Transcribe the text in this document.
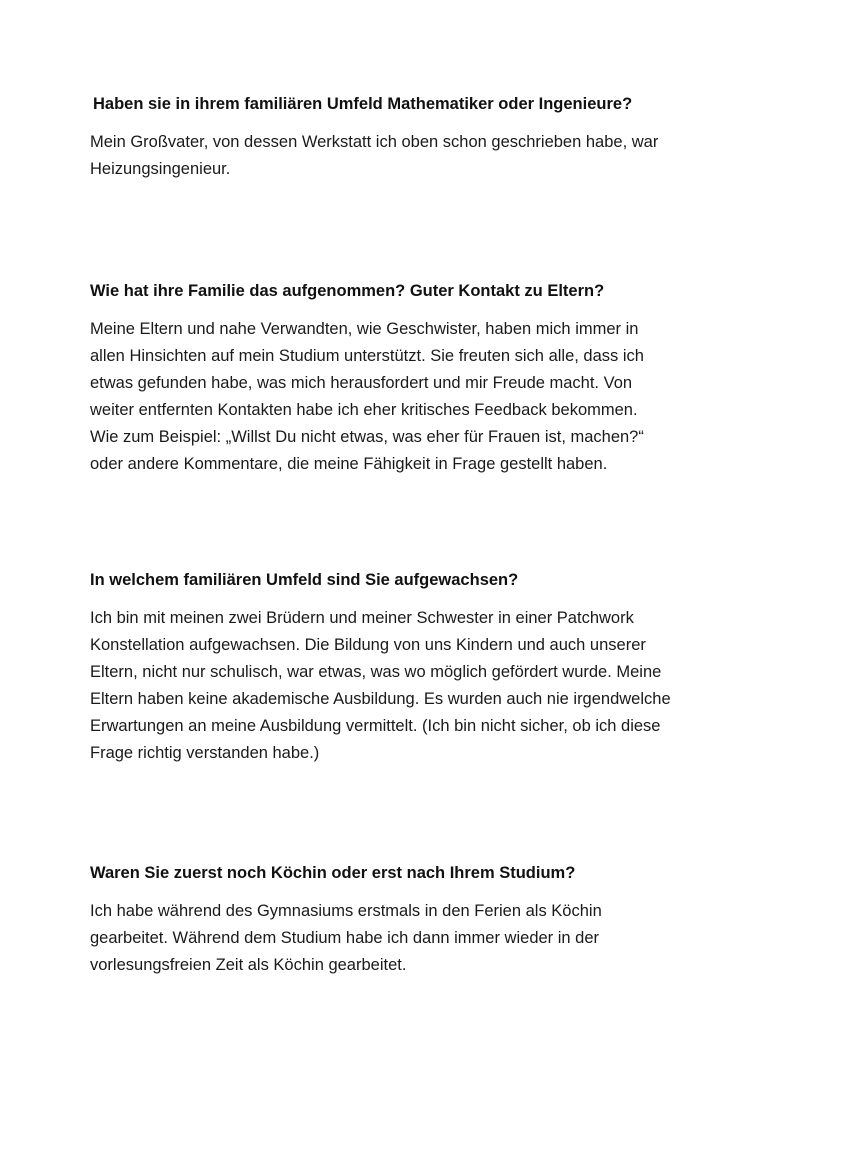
Haben sie in ihrem familiären Umfeld Mathematiker oder Ingenieure?
Mein Großvater, von dessen Werkstatt ich oben schon geschrieben habe, war
Heizungsingenieur.
Wie hat ihre Familie das aufgenommen? Guter Kontakt zu Eltern?
Meine Eltern und nahe Verwandten, wie Geschwister, haben mich immer in
allen Hinsichten auf mein Studium unterstützt. Sie freuten sich alle, dass ich
etwas gefunden habe, was mich herausfordert und mir Freude macht. Von
weiter entfernten Kontakten habe ich eher kritisches Feedback bekommen.
Wie zum Beispiel: „Willst Du nicht etwas, was eher für Frauen ist, machen?“
oder andere Kommentare, die meine Fähigkeit in Frage gestellt haben.
In welchem familiären Umfeld sind Sie aufgewachsen?
Ich bin mit meinen zwei Brüdern und meiner Schwester in einer Patchwork
Konstellation aufgewachsen. Die Bildung von uns Kindern und auch unserer
Eltern, nicht nur schulisch, war etwas, was wo möglich gefördert wurde. Meine
Eltern haben keine akademische Ausbildung. Es wurden auch nie irgendwelche
Erwartungen an meine Ausbildung vermittelt. (Ich bin nicht sicher, ob ich diese
Frage richtig verstanden habe.)
Waren Sie zuerst noch Köchin oder erst nach Ihrem Studium?
Ich habe während des Gymnasiums erstmals in den Ferien als Köchin
gearbeitet. Während dem Studium habe ich dann immer wieder in der
vorlesungsfreien Zeit als Köchin gearbeitet.
